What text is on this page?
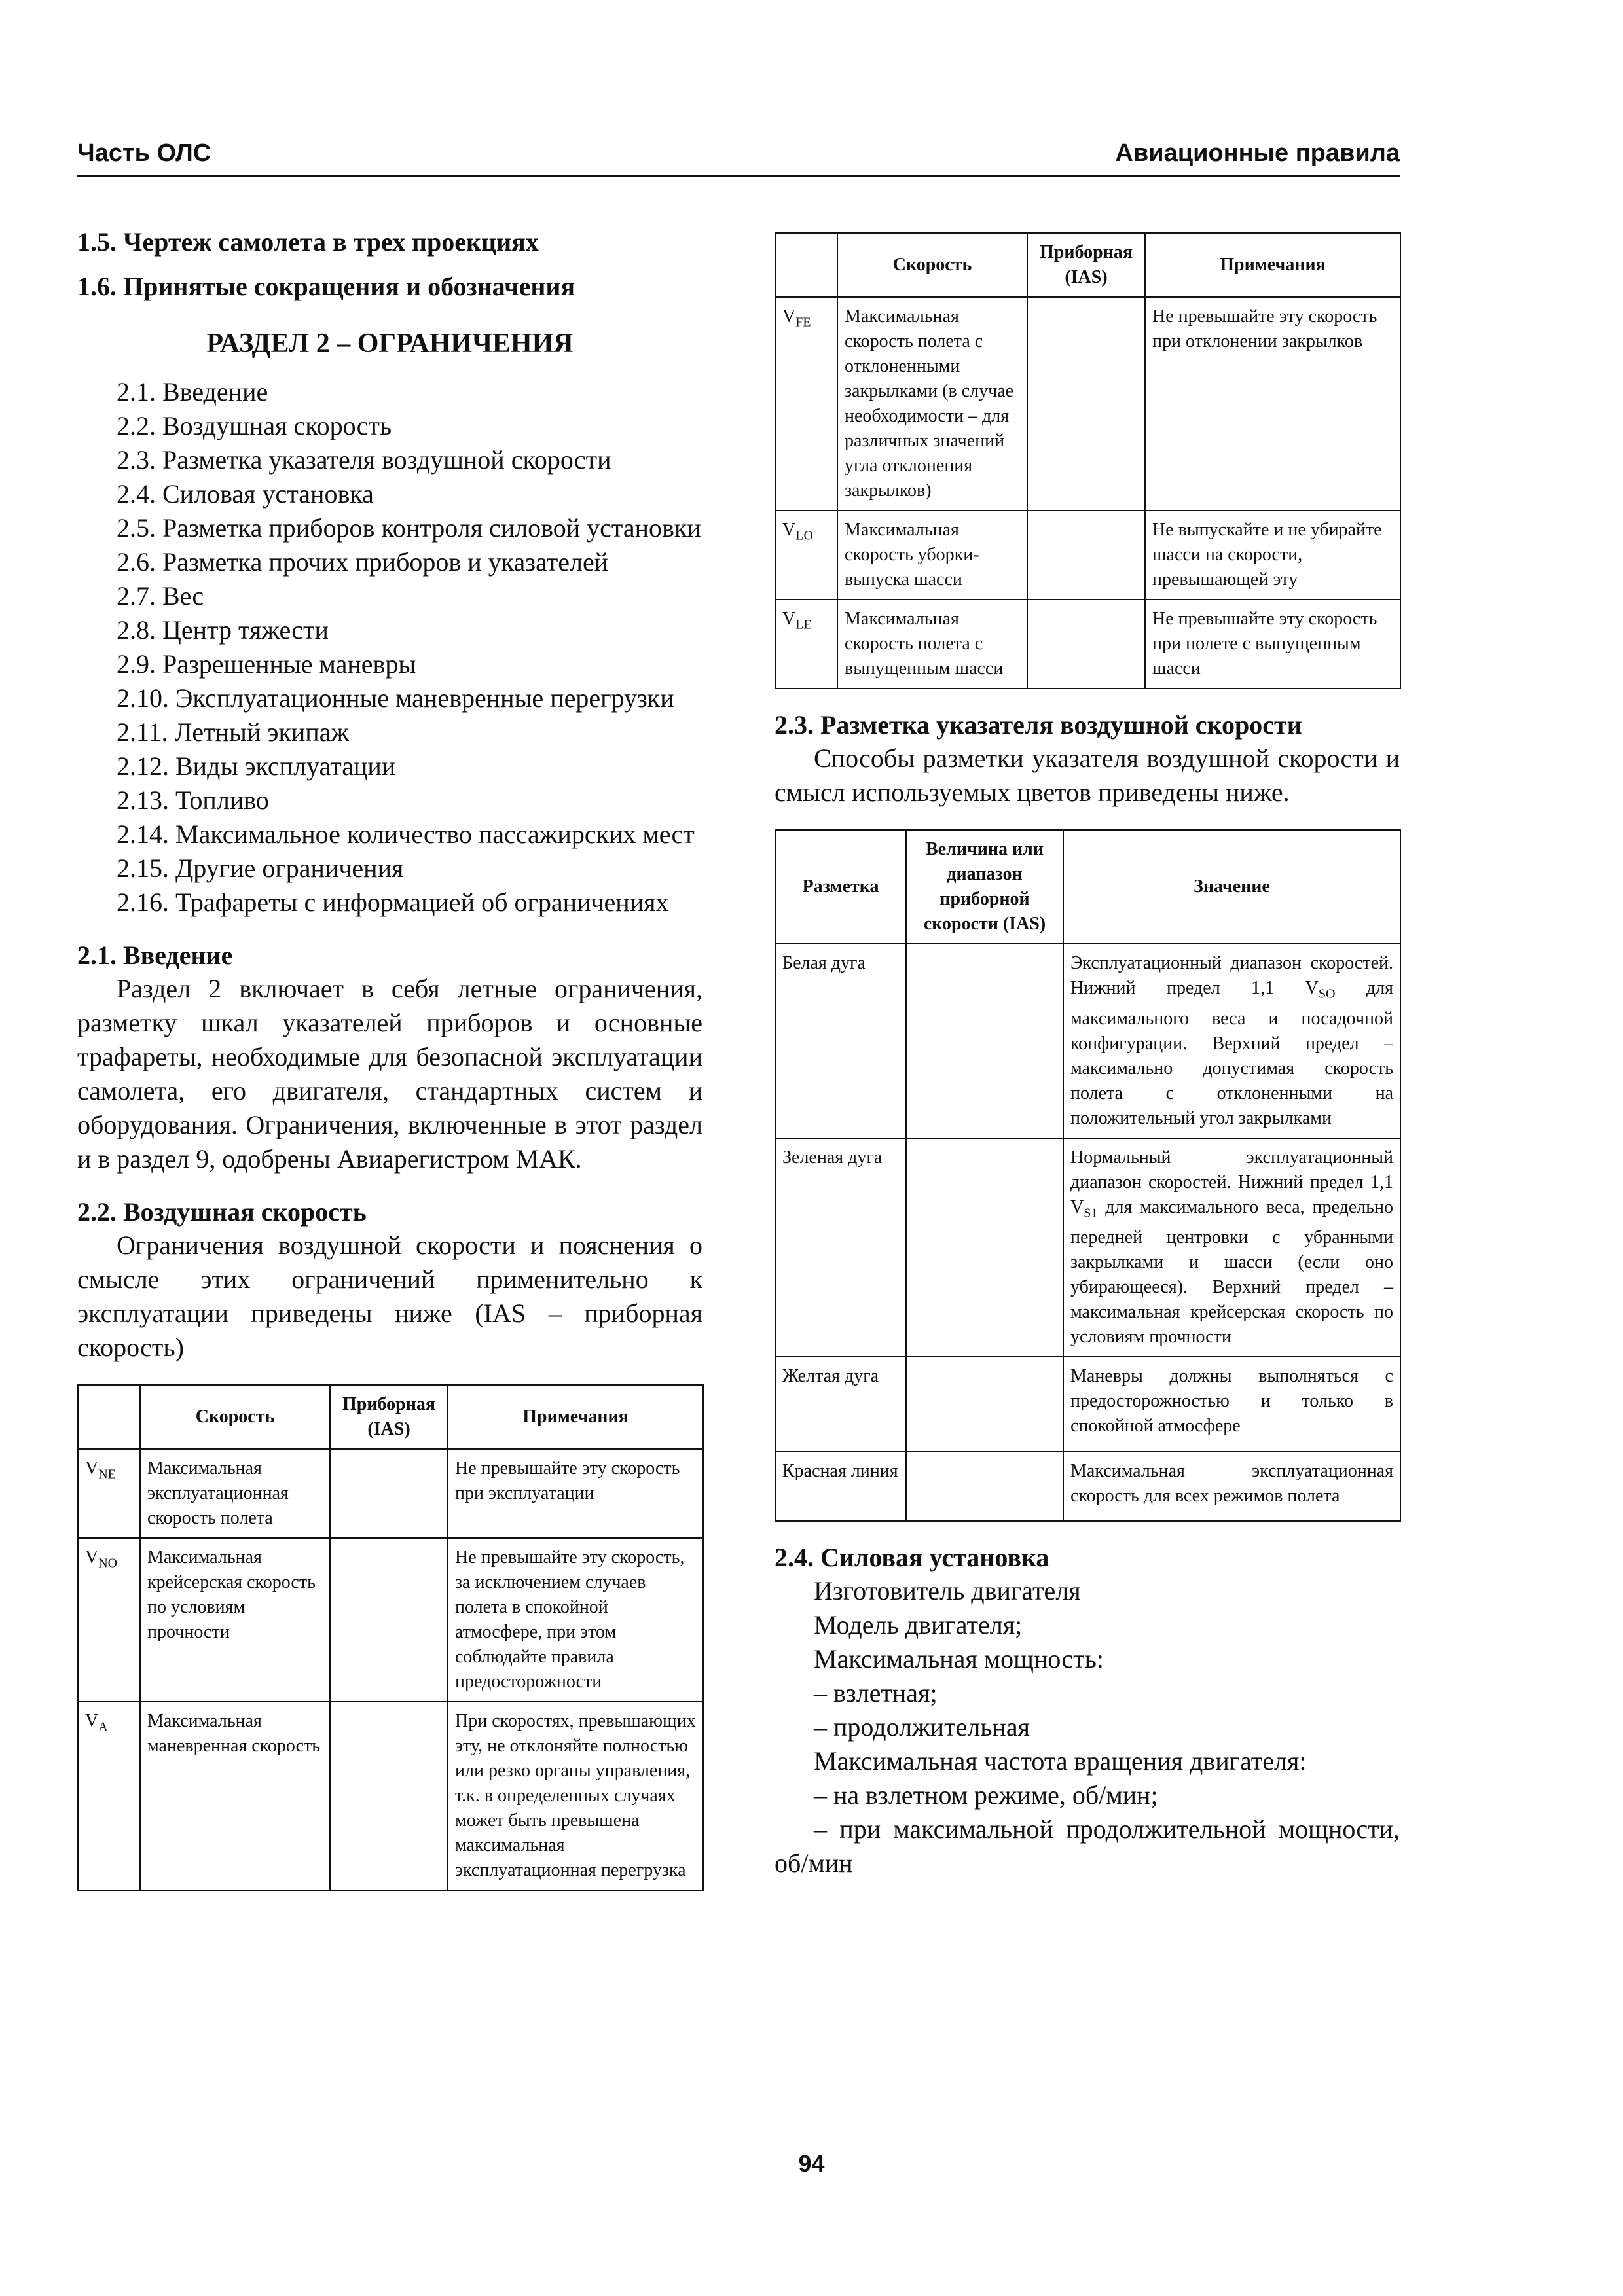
Часть ОЛС	Авиационные правила
1.5. Чертеж самолета в трех проекциях
1.6. Принятые сокращения и обозначения
РАЗДЕЛ 2 – ОГРАНИЧЕНИЯ
2.1. Введение
2.2. Воздушная скорость
2.3. Разметка указателя воздушной скорости
2.4. Силовая установка
2.5. Разметка приборов контроля силовой установки
2.6. Разметка прочих приборов и указателей
2.7. Вес
2.8. Центр тяжести
2.9. Разрешенные маневры
2.10. Эксплуатационные маневренные перегрузки
2.11. Летный экипаж
2.12. Виды эксплуатации
2.13. Топливо
2.14. Максимальное количество пассажирских мест
2.15. Другие ограничения
2.16. Трафареты с информацией об ограничениях
2.1. Введение

Раздел 2 включает в себя летные ограничения, разметку шкал указателей приборов и основные трафареты, необходимые для безопасной эксплуатации самолета, его двигателя, стандартных систем и оборудования. Ограничения, включенные в этот раздел и в раздел 9, одобрены Авиарегистром МАК.

2.2. Воздушная скорость

Ограничения воздушной скорости и пояснения о смысле этих ограничений применительно к эксплуатации приведены ниже (IAS – приборная скорость)

	Скорость	Приборная (IAS)	Примечания
$V_{NE}$	Максимальная эксплуатационная скорость полета		Не превышайте эту скорость при эксплуатации
$V_{NO}$	Максимальная крейсерская скорость по условиям прочности		Не превышайте эту скорость, за исключением случаев полета в спокойной атмосфере, при этом соблюдайте правила предосторожности
$V_A$	Максимальная маневренная скорость		При скоростях, превышающих эту, не отклоняйте полностью или резко органы управления, т.к. в определенных случаях может быть превышена максимальная эксплуатационная перегрузка
	Скорость	Приборная (IAS)	Примечания
$V_{FE}$	Максимальная скорость полета с отклоненными закрылками (в случае необходимости – для различных значений угла отклонения закрылков)		Не превышайте эту скорость при отклонении закрылков
$V_{LO}$	Максимальная скорость уборки-выпуска шасси		Не выпускайте и не убирайте шасси на скорости, превышающей эту
$V_{LE}$	Максимальная скорость полета с выпущенным шасси		Не превышайте эту скорость при полете с выпущенным шасси
2.3. Разметка указателя воздушной скорости

Способы разметки указателя воздушной скорости и смысл используемых цветов приведены ниже.

Разметка	Величина или диапазон приборной скорости (IAS)	Значение
Белая дуга		Эксплуатационный диапазон скоростей. Нижний предел 1,1 $V_{SO}$ для максимального веса и посадочной конфигурации. Верхний предел – максимально допустимая скорость полета с отклоненными на положительный угол закрылками
Зеленая дуга		Нормальный эксплуатационный диапазон скоростей. Нижний предел 1,1 $V_{S1}$ для максимального веса, предельно передней центровки с убранными закрылками и шасси (если оно убирающееся). Верхний предел – максимальная крейсерская скорость по условиям прочности
Желтая дуга		Маневры должны выполняться с предосторожностью и только в спокойной атмосфере
Красная линия		Максимальная эксплуатационная скорость для всех режимов полета
2.4. Силовая установка
Изготовитель двигателя
Модель двигателя;
Максимальная мощность:
– взлетная;
– продолжительная
Максимальная частота вращения двигателя:
– на взлетном режиме, об/мин;
– при максимальной продолжительной мощности, об/мин
94
